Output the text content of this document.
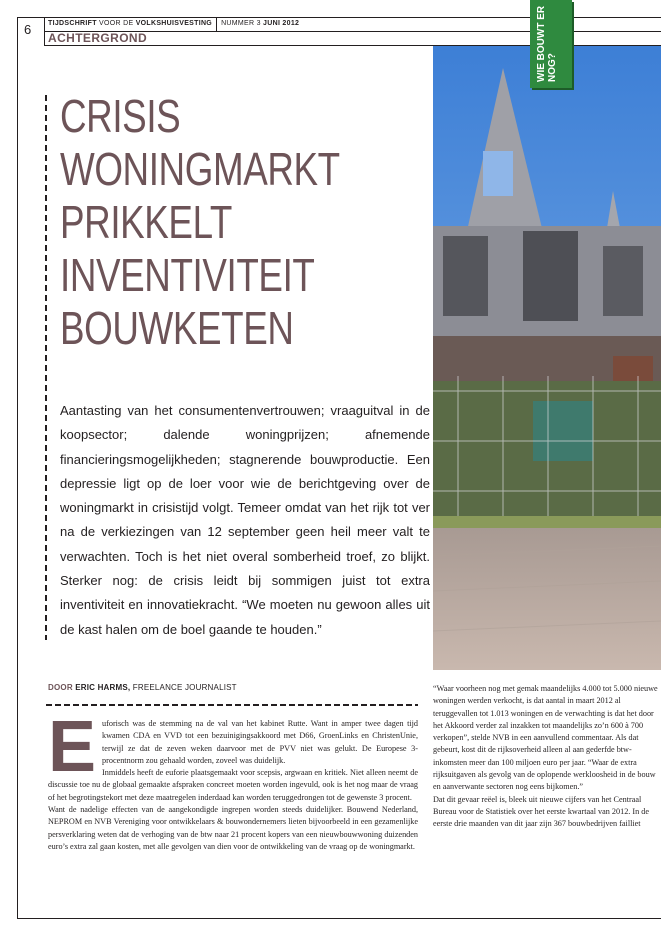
6 TIJDSCHRIFT VOOR DE VOLKSHUISVESTING NUMMER 3 JUNI 2012
ACHTERGROND	WIE BOUWT ER NOG?
CRISIS
WONINGMARKT
PRIKKELT
INVENTIVITEIT
BOUWKETEN

Aantasting van het consumentenvertrouwen; vraaguitval in de koopsector; dalende woningprijzen; afnemende financieringsmogelijkheden; stagnerende bouwproductie. Een depressie ligt op de loer voor wie de berichtgeving over de woningmarkt in crisistijd volgt. Temeer omdat van het rijk tot ver na de verkiezingen van 12 september geen heil meer valt te verwachten. Toch is het niet overal somberheid troef, zo blijkt. Sterker nog: de crisis leidt bij sommigen juist tot extra inventiviteit en innovatiekracht. “We moeten nu gewoon alles uit de kast halen om de boel gaande te houden.”

DOOR ERIC HARMS, FREELANCE JOURNALIST
E uforisch was de stemming na de val van het kabinet Rutte. Want in amper twee dagen tijd kwamen CDA en VVD tot een bezuinigingsakkoord met D66, GroenLinks en ChristenUnie, terwijl ze dat de zeven weken daarvoor met de PVV niet was gelukt. De Europese 3-procentnorm zou gehaald worden, zoveel was duidelijk.

Inmiddels heeft de euforie plaatsgemaakt voor scepsis, argwaan en kritiek. Niet alleen neemt de discussie toe nu de globaal gemaakte afspraken concreet moeten worden ingevuld, ook is het nog maar de vraag of het begrotingstekort met deze maatregelen inderdaad kan worden teruggedrongen tot de gewenste 3 procent.

Want de nadelige effecten van de aangekondigde ingrepen worden steeds duidelijker. Bouwend Nederland, NEPROM en NVB Vereniging voor ontwikkelaars & bouwondernemers lieten bijvoorbeeld in een gezamenlijke persverklaring weten dat de verhoging van de btw naar 21 procent kopers van een nieuwbouwwoning duizenden euro’s extra zal gaan kosten, met alle gevolgen van dien voor de ontwikkeling van de vraag op de woningmarkt.

“Waar voorheen nog met gemak maandelijks 4.000 tot 5.000 nieuwe woningen werden verkocht, is dat aantal in maart 2012 al teruggevallen tot 1.013 woningen en de verwachting is dat het door het Akkoord verder zal inzakken tot maandelijks zo’n 600 à 700 verkopen”, stelde NVB in een aanvullend commentaar. Als dat gebeurt, kost dit de rijksoverheid alleen al aan gederfde btw-inkomsten meer dan 100 miljoen euro per jaar. “Waar de extra rijksuitgaven als gevolg van de oplopende werkloosheid in de bouw en aanverwante sectoren nog eens bijkomen.”

Dat dit gevaar reëel is, bleek uit nieuwe cijfers van het Centraal Bureau voor de Statistiek over het eerste kwartaal van 2012. In de eerste drie maanden van dit jaar zijn 367 bouwbedrijven failliet
